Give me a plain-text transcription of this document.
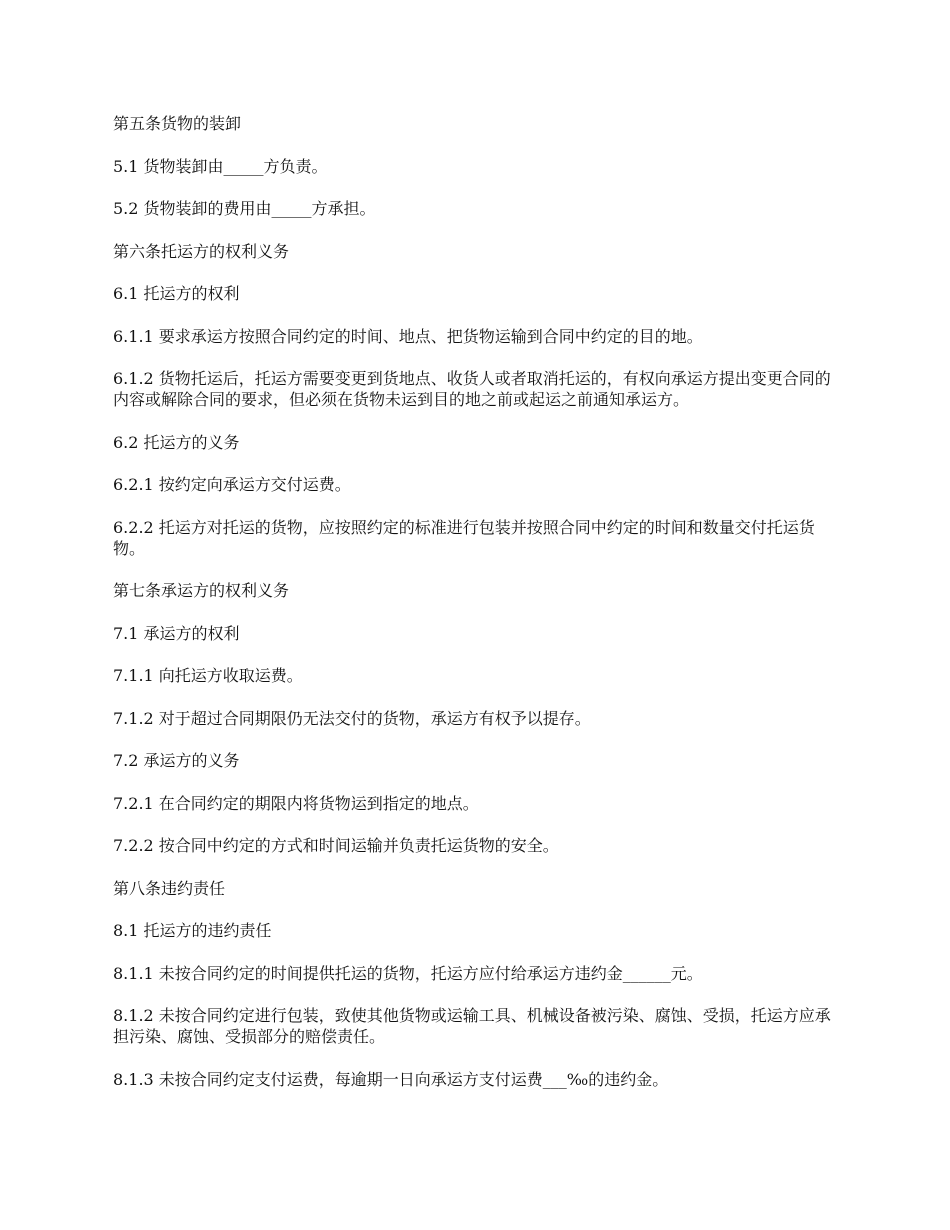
第五条货物的装卸

5.1 货物装卸由_____方负责。

5.2 货物装卸的费用由_____方承担。

第六条托运方的权利义务

6.1 托运方的权利

6.1.1 要求承运方按照合同约定的时间、地点、把货物运输到合同中约定的目的地。

6.1.2 货物托运后，托运方需要变更到货地点、收货人或者取消托运的，有权向承运方提出变更合同的内容或解除合同的要求，但必须在货物未运到目的地之前或起运之前通知承运方。

6.2 托运方的义务

6.2.1 按约定向承运方交付运费。

6.2.2 托运方对托运的货物，应按照约定的标准进行包装并按照合同中约定的时间和数量交付托运货物。

第七条承运方的权利义务

7.1 承运方的权利

7.1.1 向托运方收取运费。

7.1.2 对于超过合同期限仍无法交付的货物，承运方有权予以提存。

7.2 承运方的义务

7.2.1 在合同约定的期限内将货物运到指定的地点。

7.2.2 按合同中约定的方式和时间运输并负责托运货物的安全。

第八条违约责任

8.1 托运方的违约责任

8.1.1 未按合同约定的时间提供托运的货物，托运方应付给承运方违约金______元。

8.1.2 未按合同约定进行包装，致使其他货物或运输工具、机械设备被污染、腐蚀、受损，托运方应承担污染、腐蚀、受损部分的赔偿责任。

8.1.3 未按合同约定支付运费，每逾期一日向承运方支付运费___‰的违约金。
